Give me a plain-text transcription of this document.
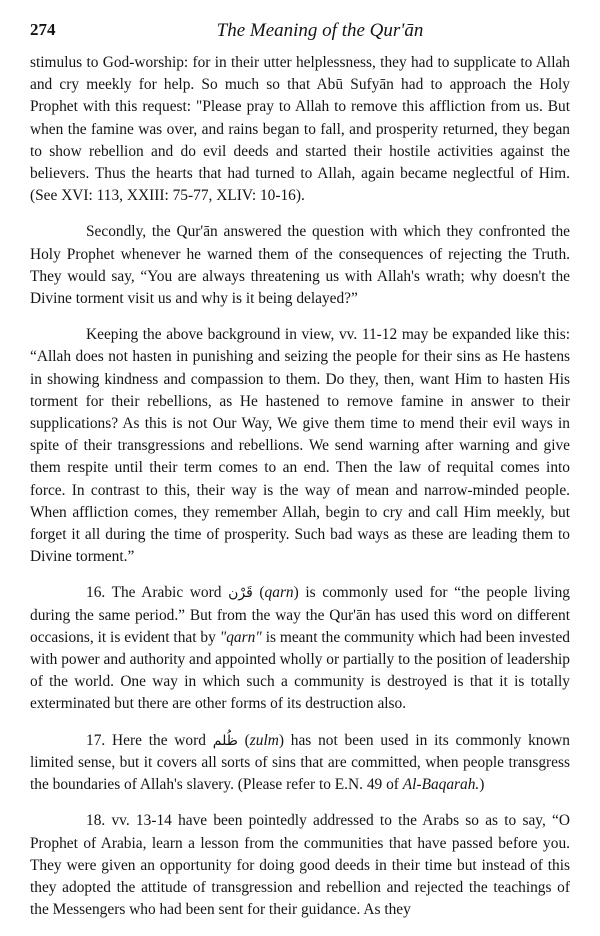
274	The Meaning of the Qur'ān

stimulus to God-worship: for in their utter helplessness, they had to supplicate to Allah and cry meekly for help. So much so that Abū Sufyān had to approach the Holy Prophet with this request: "Please pray to Allah to remove this affliction from us. But when the famine was over, and rains began to fall, and prosperity returned, they began to show rebellion and do evil deeds and started their hostile activities against the believers. Thus the hearts that had turned to Allah, again became neglectful of Him. (See XVI: 113, XXIII: 75-77, XLIV: 10-16).

Secondly, the Qur'ān answered the question with which they confronted the Holy Prophet whenever he warned them of the consequences of rejecting the Truth. They would say, “You are always threatening us with Allah's wrath; why doesn't the Divine torment visit us and why is it being delayed?”

Keeping the above background in view, vv. 11-12 may be expanded like this: “Allah does not hasten in punishing and seizing the people for their sins as He hastens in showing kindness and compassion to them. Do they, then, want Him to hasten His torment for their rebellions, as He hastened to remove famine in answer to their supplications? As this is not Our Way, We give them time to mend their evil ways in spite of their transgressions and rebellions. We send warning after warning and give them respite until their term comes to an end. Then the law of requital comes into force. In contrast to this, their way is the way of mean and narrow-minded people. When affliction comes, they remember Allah, begin to cry and call Him meekly, but forget it all during the time of prosperity. Such bad ways as these are leading them to Divine torment.”

16. The Arabic word قَرْن (qarn) is commonly used for “the people living during the same period.” But from the way the Qur'ān has used this word on different occasions, it is evident that by "qarn" is meant the community which had been invested with power and authority and appointed wholly or partially to the position of leadership of the world. One way in which such a community is destroyed is that it is totally exterminated but there are other forms of its destruction also.

17. Here the word ظُلم (zulm) has not been used in its commonly known limited sense, but it covers all sorts of sins that are committed, when people transgress the boundaries of Allah's slavery. (Please refer to E.N. 49 of Al-Baqarah.)

18. vv. 13-14 have been pointedly addressed to the Arabs so as to say, “O Prophet of Arabia, learn a lesson from the communities that have passed before you. They were given an opportunity for doing good deeds in their time but instead of this they adopted the attitude of transgression and rebellion and rejected the teachings of the Messengers who had been sent for their guidance. As they
